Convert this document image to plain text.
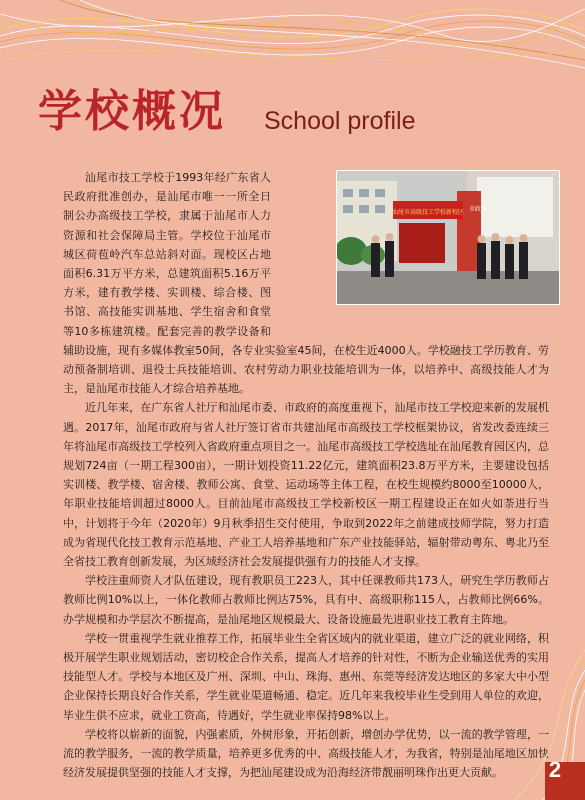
学校概况 School profile
汕尾市高级技工学校新校区 市政府

汕尾市技工学校于1993年经广东省人民政府批准创办，是汕尾市唯一一所全日制公办高级技工学校，隶属于汕尾市人力资源和社会保障局主管。学校位于汕尾市城区荷苞岭汽车总站斜对面。现校区占地面积6.31万平方米，总建筑面积5.16万平方米，建有教学楼、实训楼、综合楼、图书馆、高技能实训基地、学生宿舍和食堂等10多栋建筑楼。配套完善的教学设备和辅助设施，现有多媒体教室50间，各专业实验室45间，在校生近4000人。学校融技工学历教育、劳动预备制培训、退役士兵技能培训、农村劳动力职业技能培训为一体，以培养中、高级技能人才为主，是汕尾市技能人才综合培养基地。

近几年来，在广东省人社厅和汕尾市委、市政府的高度重视下，汕尾市技工学校迎来新的发展机遇。2017年，汕尾市政府与省人社厅签订省市共建汕尾市高级技工学校框架协议，省发改委连续三年将汕尾市高级技工学校列入省政府重点项目之一。汕尾市高级技工学校选址在汕尾教育园区内，总规划724亩（一期工程300亩），一期计划投资11.22亿元，建筑面积23.8万平方米，主要建设包括实训楼、教学楼、宿舍楼、教师公寓、食堂、运动场等主体工程，在校生规模约8000至10000人，年职业技能培训超过8000人。目前汕尾市高级技工学校新校区一期工程建设正在如火如荼进行当中，计划将于今年（2020年）9月秋季招生交付使用，争取到2022年之前建成技师学院，努力打造成为省现代化技工教育示范基地、产业工人培养基地和广东产业技能驿站，辐射带动粤东、粤北乃至全省技工教育创新发展，为区域经济社会发展提供强有力的技能人才支撑。

学校注重师资人才队伍建设，现有教职员工223人，其中任课教师共173人，研究生学历教师占教师比例10%以上，一体化教师占教师比例达75%，具有中、高级职称115人，占教师比例66%。办学规模和办学层次不断提高，是汕尾地区规模最大、设备设施最先进职业技工教育主阵地。

学校一贯重视学生就业推荐工作，拓展毕业生全省区域内的就业渠道，建立广泛的就业网络，积极开展学生职业规划活动，密切校企合作关系，提高人才培养的针对性，不断为企业输送优秀的实用技能型人才。学校与本地区及广州、深圳、中山、珠海、惠州、东莞等经济发达地区的多家大中小型企业保持长期良好合作关系，学生就业渠道畅通、稳定。近几年来我校毕业生受到用人单位的欢迎，毕业生供不应求，就业工资高，待遇好，学生就业率保持98%以上。

学校将以崭新的面貌，内强素质，外树形象，开拓创新，增创办学优势，以一流的教学管理，一流的教学服务，一流的教学质量，培养更多优秀的中、高级技能人才，为我省，特别是汕尾地区加快经济发展提供坚强的技能人才支撑，为把汕尾建设成为沿海经济带靓丽明珠作出更大贡献。	2
